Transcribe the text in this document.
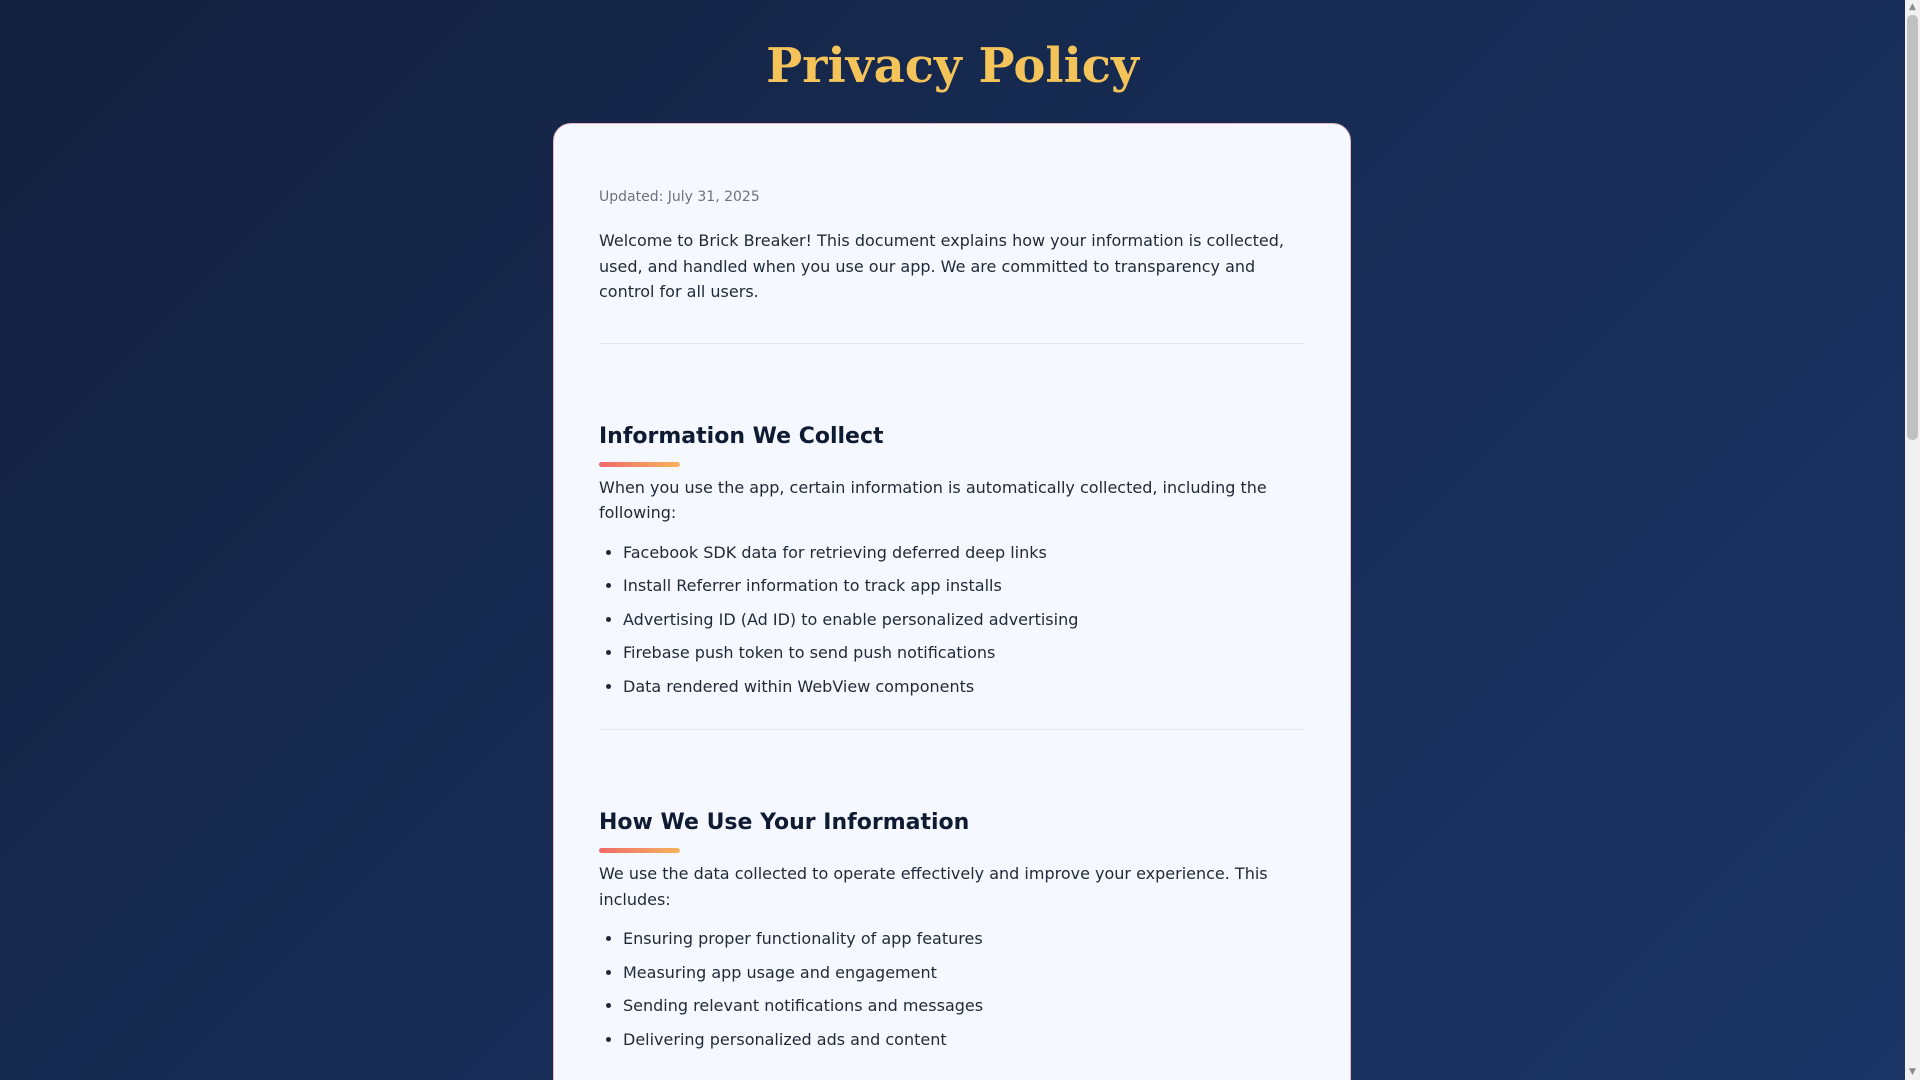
Privacy Policy

Updated: July 31, 2025

Welcome to Brick Breaker! This document explains how your information is collected, used, and handled when you use our app. We are committed to transparency and control for all users.

Information We Collect

When you use the app, certain information is automatically collected, including the following:

• Facebook SDK data for retrieving deferred deep links
• Install Referrer information to track app installs
• Advertising ID (Ad ID) to enable personalized advertising
• Firebase push token to send push notifications
• Data rendered within WebView components
How We Use Your Information

We use the data collected to operate effectively and improve your experience. This includes:

• Ensuring proper functionality of app features
• Measuring app usage and engagement
• Sending relevant notifications and messages
• Delivering personalized ads and content
▲
▼
